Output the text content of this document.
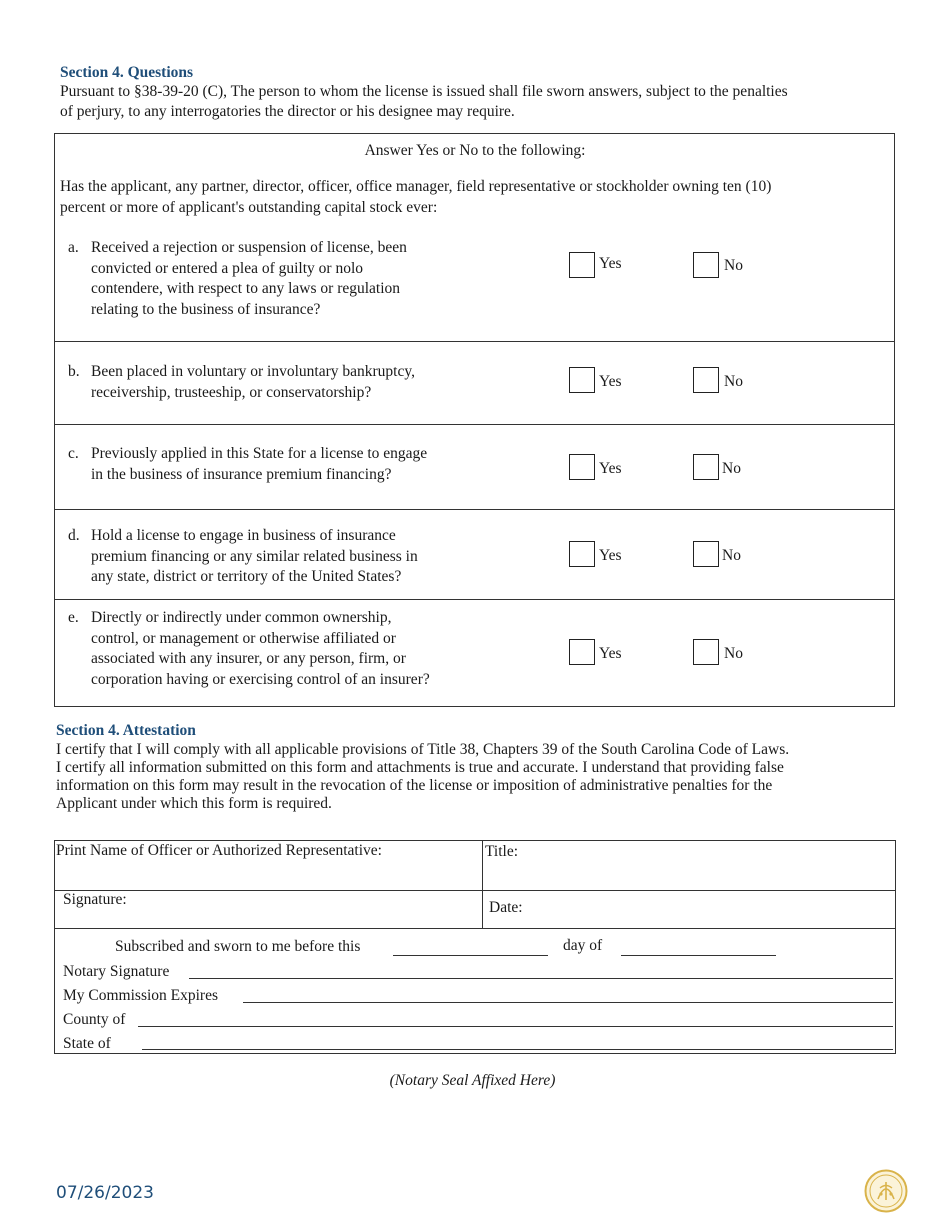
Section 4. Questions
Pursuant to §38-39-20 (C), The person to whom the license is issued shall file sworn answers, subject to the penalties
of perjury, to any interrogatories the director or his designee may require.
Answer Yes or No to the following:
Has the applicant, any partner, director, officer, office manager, field representative or stockholder owning ten (10)
percent or more of applicant's outstanding capital stock ever:
a. Received a rejection or suspension of license, been
convicted or entered a plea of guilty or nolo
contendere, with respect to any laws or regulation
relating to the business of insurance?
Yes	No
b. Been placed in voluntary or involuntary bankruptcy,
receivership, trusteeship, or conservatorship?
Yes	No
c. Previously applied in this State for a license to engage
in the business of insurance premium financing?	Yes	No
d. Hold a license to engage in business of insurance
premium financing or any similar related business in
any state, district or territory of the United States?
Yes	No
e. Directly or indirectly under common ownership,
control, or management or otherwise affiliated or
associated with any insurer, or any person, firm, or
corporation having or exercising control of an insurer?
Yes	No
Section 4. Attestation
I certify that I will comply with all applicable provisions of Title 38, Chapters 39 of the South Carolina Code of Laws.
I certify all information submitted on this form and attachments is true and accurate. I understand that providing false
information on this form may result in the revocation of the license or imposition of administrative penalties for the
Applicant under which this form is required.
Print Name of Officer or Authorized Representative:	Title:
Signature:	Date:
Subscribed and sworn to me before this	day of
Notary Signature
My Commission Expires
County of
State of
(Notary Seal Affixed Here)
07/26/2023
